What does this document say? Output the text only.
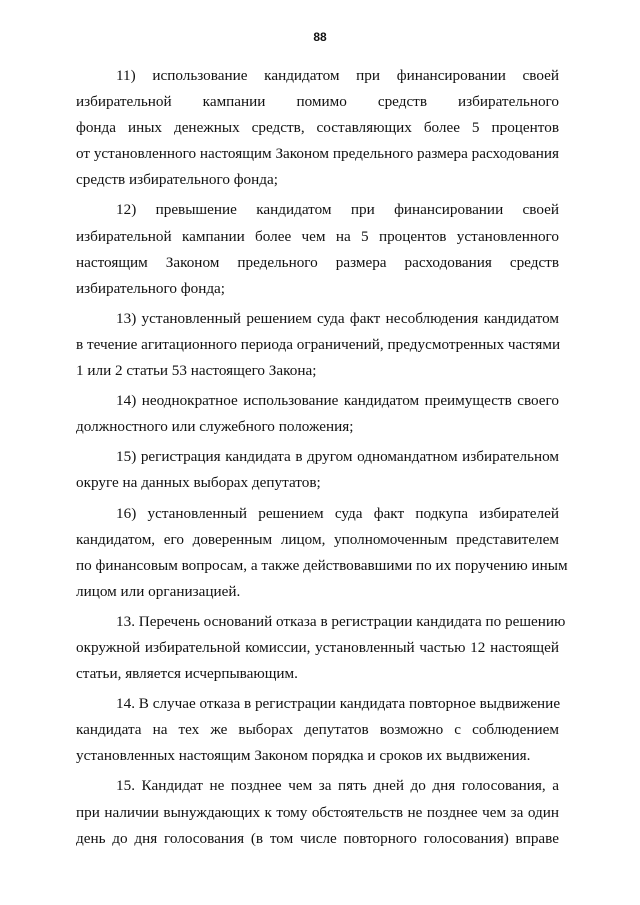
88
11) использование кандидатом при финансировании своей
избирательной кампании помимо средств избирательного
фонда иных денежных средств, составляющих более 5 процентов
от установленного настоящим Законом предельного размера расходования
средств избирательного фонда;
12) превышение кандидатом при финансировании своей
избирательной кампании более чем на 5 процентов установленного
настоящим Законом предельного размера расходования средств
избирательного фонда;
13) установленный решением суда факт несоблюдения кандидатом
в течение агитационного периода ограничений, предусмотренных частями
1 или 2 статьи 53 настоящего Закона;
14) неоднократное использование кандидатом преимуществ своего
должностного или служебного положения;
15) регистрация кандидата в другом одномандатном избирательном
округе на данных выборах депутатов;
16) установленный решением суда факт подкупа избирателей
кандидатом, его доверенным лицом, уполномоченным представителем
по финансовым вопросам, а также действовавшими по их поручению иным
лицом или организацией.
13. Перечень оснований отказа в регистрации кандидата по решению
окружной избирательной комиссии, установленный частью 12 настоящей
статьи, является исчерпывающим.
14. В случае отказа в регистрации кандидата повторное выдвижение
кандидата на тех же выборах депутатов возможно с соблюдением
установленных настоящим Законом порядка и сроков их выдвижения.
15. Кандидат не позднее чем за пять дней до дня голосования, а
при наличии вынуждающих к тому обстоятельств не позднее чем за один
день до дня голосования (в том числе повторного голосования) вправе
